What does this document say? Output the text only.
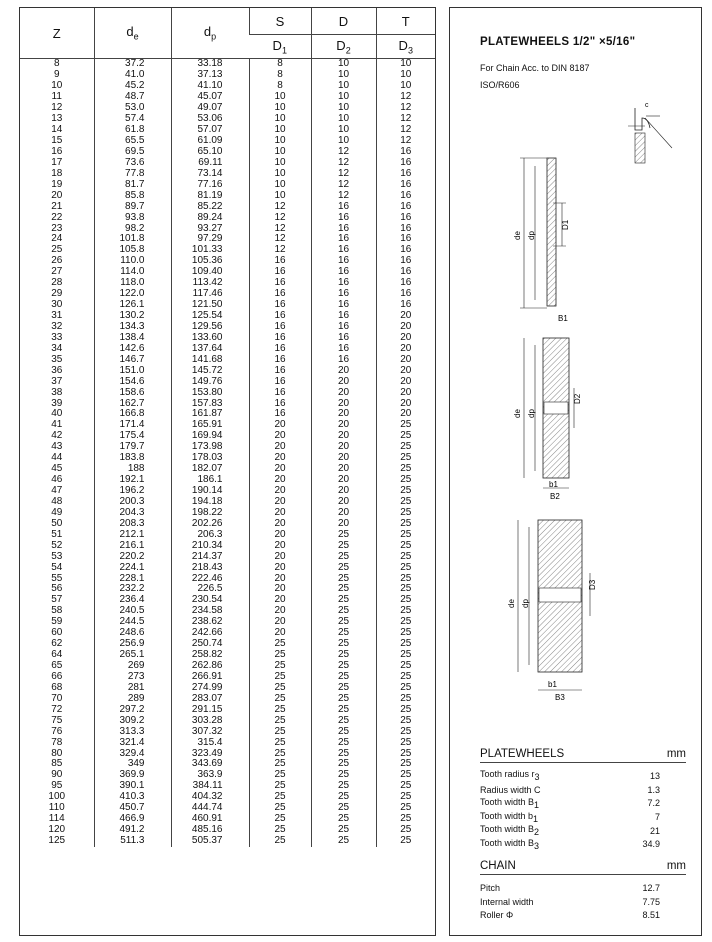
Z	$d_e$	$d_p$	S	D	T
			$D_1$	$D_2$	$D_3$
8	37.2	33.18	8	10	10
9	41.0	37.13	8	10	10
10	45.2	41.10	8	10	10
11	48.7	45.07	10	10	12
12	53.0	49.07	10	10	12
13	57.4	53.06	10	10	12
14	61.8	57.07	10	10	12
15	65.5	61.09	10	10	12
16	69.5	65.10	10	12	16
17	73.6	69.11	10	12	16
18	77.8	73.14	10	12	16
19	81.7	77.16	10	12	16
20	85.8	81.19	10	12	16
21	89.7	85.22	12	16	16
22	93.8	89.24	12	16	16
23	98.2	93.27	12	16	16
24	101.8	97.29	12	16	16
25	105.8	101.33	12	16	16
26	110.0	105.36	16	16	16
27	114.0	109.40	16	16	16
28	118.0	113.42	16	16	16
29	122.0	117.46	16	16	16
30	126.1	121.50	16	16	16
31	130.2	125.54	16	16	20
32	134.3	129.56	16	16	20
33	138.4	133.60	16	16	20
34	142.6	137.64	16	16	20
35	146.7	141.68	16	16	20
36	151.0	145.72	16	20	20
37	154.6	149.76	16	20	20
38	158.6	153.80	16	20	20
39	162.7	157.83	16	20	20
40	166.8	161.87	16	20	20
41	171.4	165.91	20	20	25
42	175.4	169.94	20	20	25
43	179.7	173.98	20	20	25
44	183.8	178.03	20	20	25
45	188	182.07	20	20	25
46	192.1	186.1	20	20	25
47	196.2	190.14	20	20	25
48	200.3	194.18	20	20	25
49	204.3	198.22	20	20	25
50	208.3	202.26	20	20	25
51	212.1	206.3	20	25	25
52	216.1	210.34	20	25	25
53	220.2	214.37	20	25	25
54	224.1	218.43	20	25	25
55	228.1	222.46	20	25	25
56	232.2	226.5	20	25	25
57	236.4	230.54	20	25	25
58	240.5	234.58	20	25	25
59	244.5	238.62	20	25	25
60	248.6	242.66	20	25	25
62	256.9	250.74	25	25	25
64	265.1	258.82	25	25	25
65	269	262.86	25	25	25
66	273	266.91	25	25	25
68	281	274.99	25	25	25
70	289	283.07	25	25	25
72	297.2	291.15	25	25	25
75	309.2	303.28	25	25	25
76	313.3	307.32	25	25	25
78	321.4	315.4	25	25	25
80	329.4	323.49	25	25	25
85	349	343.69	25	25	25
90	369.9	363.9	25	25	25
95	390.1	384.11	25	25	25
100	410.3	404.32	25	25	25
110	450.7	444.74	25	25	25
114	466.9	460.91	25	25	25
120	491.2	485.16	25	25	25
125	511.3	505.37	25	25	25
PLATEWHEELS 1/2" ×5/16"
For Chain Acc. to DIN 8187
ISO/R606
c
de dp
D1
B1
de dp
D2
b1
B2
de dp
D3
b1
B3
PLATEWHEELS	mm
Tooth radius $r_3$	13
Radius width C	1.3
Tooth width $B_1$	7.2
Tooth width $b_1$	7
Tooth width $B_2$	21
Tooth width $B_3$	34.9
CHAIN	mm
Pitch	12.7
Internal width	7.75
Roller Φ	8.51
